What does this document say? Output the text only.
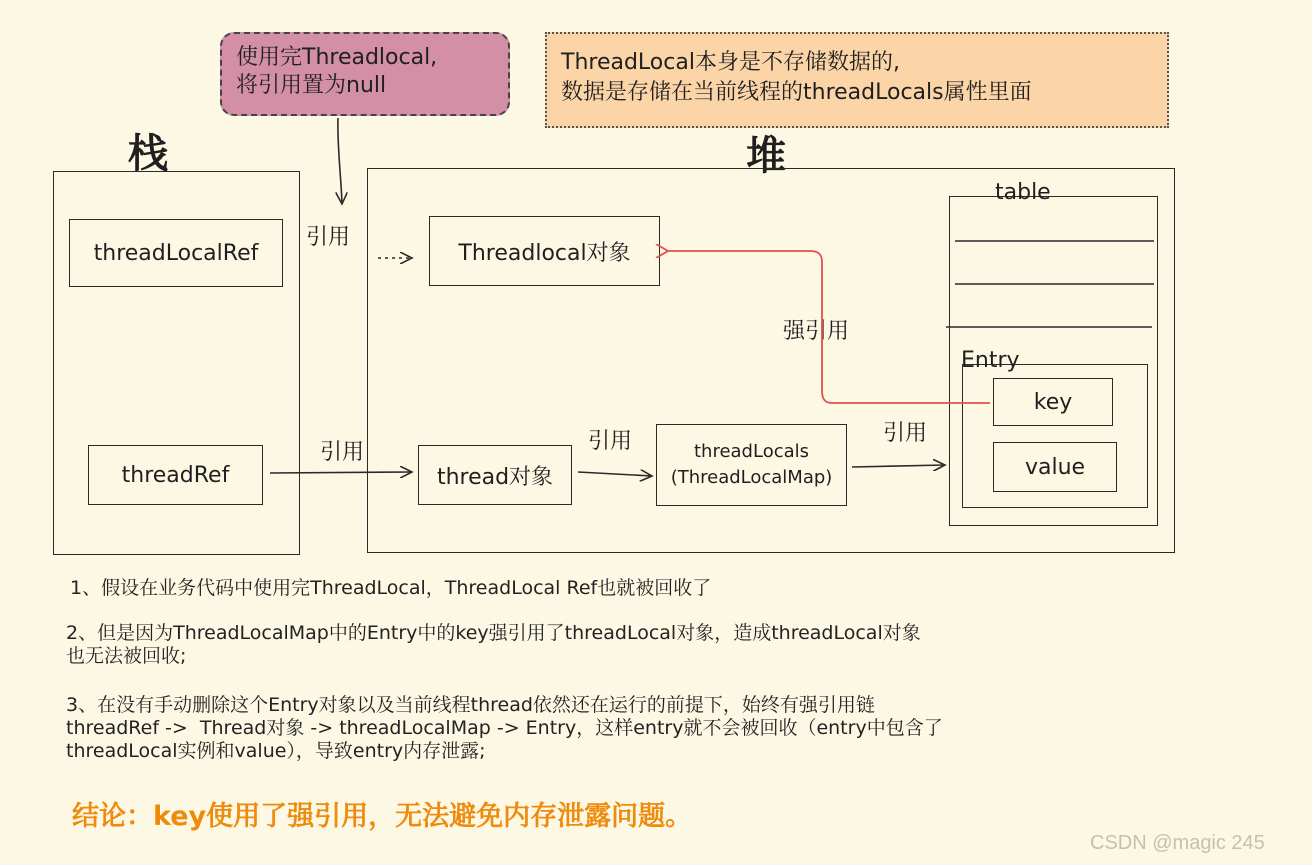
使用完Threadlocal,
将引用置为null
ThreadLocal本身是不存储数据的,
数据是存储在当前线程的threadLocals属性里面
栈	堆
threadLocalRef
threadRef
Threadlocal对象
thread对象
threadLocals
(ThreadLocalMap)
table
Entry
key
value
引用
引用	引用	引用
强引用
1、假设在业务代码中使用完ThreadLocal，ThreadLocal Ref也就被回收了
2、但是因为ThreadLocalMap中的Entry中的key强引用了threadLocal对象，造成threadLocal对象
也无法被回收;
3、在没有手动删除这个Entry对象以及当前线程thread依然还在运行的前提下，始终有强引用链
threadRef ->  Thread对象 -> threadLocalMap -> Entry，这样entry就不会被回收（entry中包含了
threadLocal实例和value），导致entry内存泄露;
结论：key使用了强引用，无法避免内存泄露问题。
CSDN @magic 245
